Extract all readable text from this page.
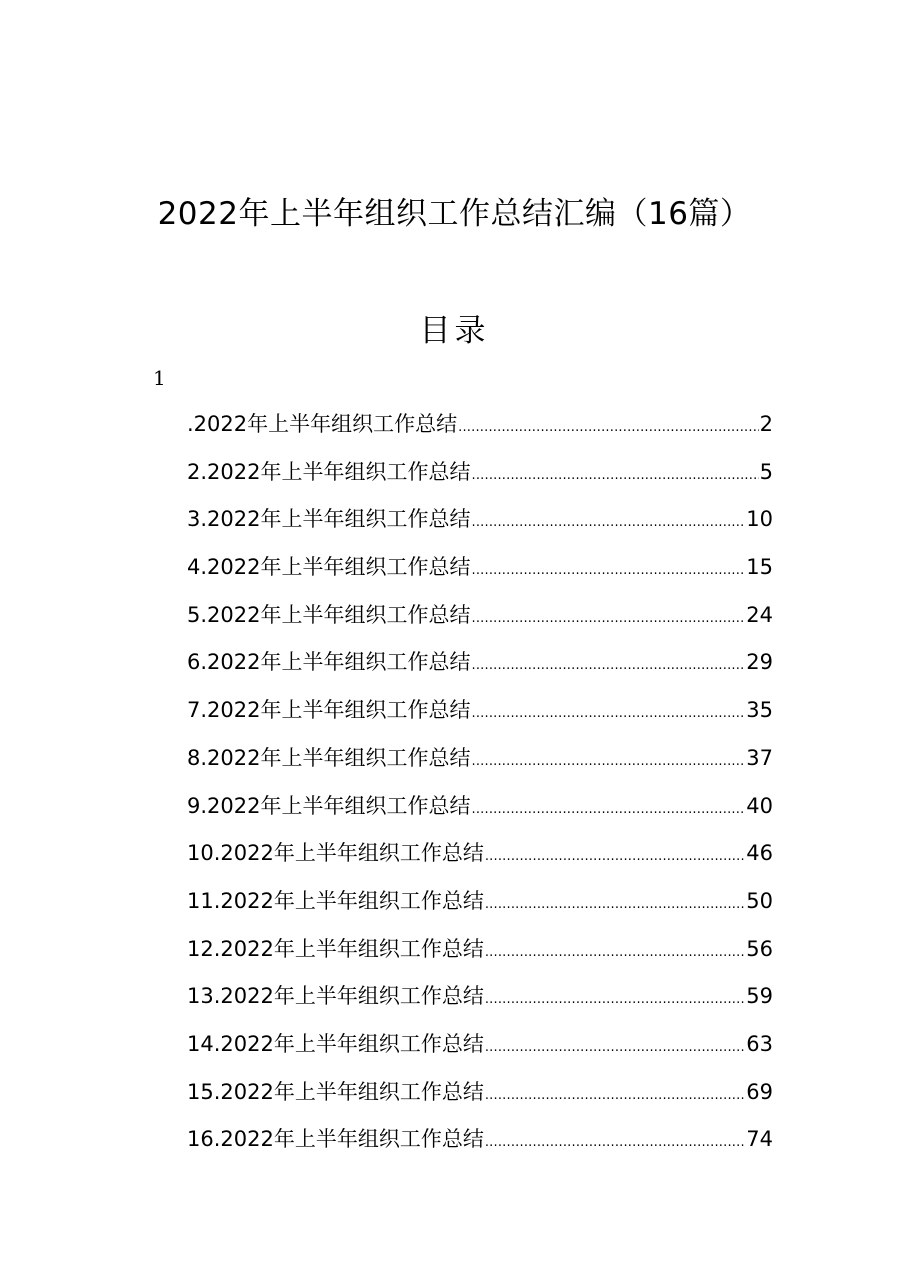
2022年上半年组织工作总结汇编（16篇）
目录
1
.2022年上半年组织工作总结 .....	2
2.2022年上半年组织工作总结 .....	5
3.2022年上半年组织工作总结 .....	10
4.2022年上半年组织工作总结 .....	15
5.2022年上半年组织工作总结 .....	24
6.2022年上半年组织工作总结 .....	29
7.2022年上半年组织工作总结 .....	35
8.2022年上半年组织工作总结 .....	37
9.2022年上半年组织工作总结 .....	40
10.2022年上半年组织工作总结 .....	46
11.2022年上半年组织工作总结 .....	50
12.2022年上半年组织工作总结 .....	56
13.2022年上半年组织工作总结 .....	59
14.2022年上半年组织工作总结 .....	63
15.2022年上半年组织工作总结 .....	69
16.2022年上半年组织工作总结 .....	74
